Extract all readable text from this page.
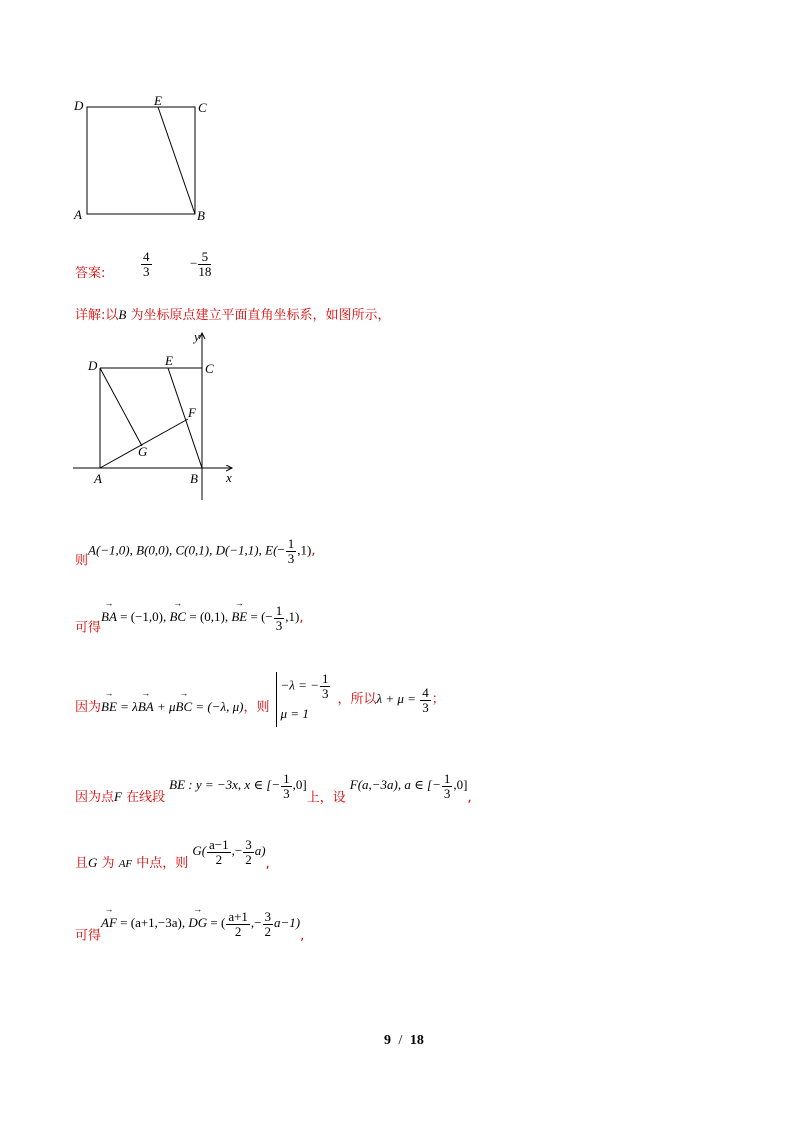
D	E	C
A	B
答案:	$\frac{4}{3}$	− $\frac{5}{18}$
详解:以B 为坐标原点建立平面直角坐标系，如图所示，
y
x
D	E
C
F
G
A	B
$_则$A(−1,0), B(0,0), C(0,1), D(−1,1), $E(- \frac{1}{3} ,1)$,
$_{可得}$→ BA = (−1,0), → BC = (0,1), → BE = (− $\frac{1}{3} ,1$),
$_{因为}$→ $_{BE = \lambda\to BA + \mu\to BC = (-\lambda, \mu),则}$
−λ = − $\frac{1}{3}$
μ = 1
，所以$\lambda + \mu = \frac{4}{3}$ ；
$_{因为点F 在线段}$BE : y = −3x, x ∈ [− $\frac{1}{3} ,0]_{上,设}F(a,-3a)$, a ∈ [− $\frac{1}{3} ,0]_,$
$_{且G 为 AF 中点,则}G( \frac{a-1}{2}$ ,− $\frac{3}{2} a)_,$
$_{可得}$→ AF = (a+1,−3a), → DG = ( $\frac{a+1}{2}$ ,− $\frac{3}{2} a-1)_,$
9 / 18
